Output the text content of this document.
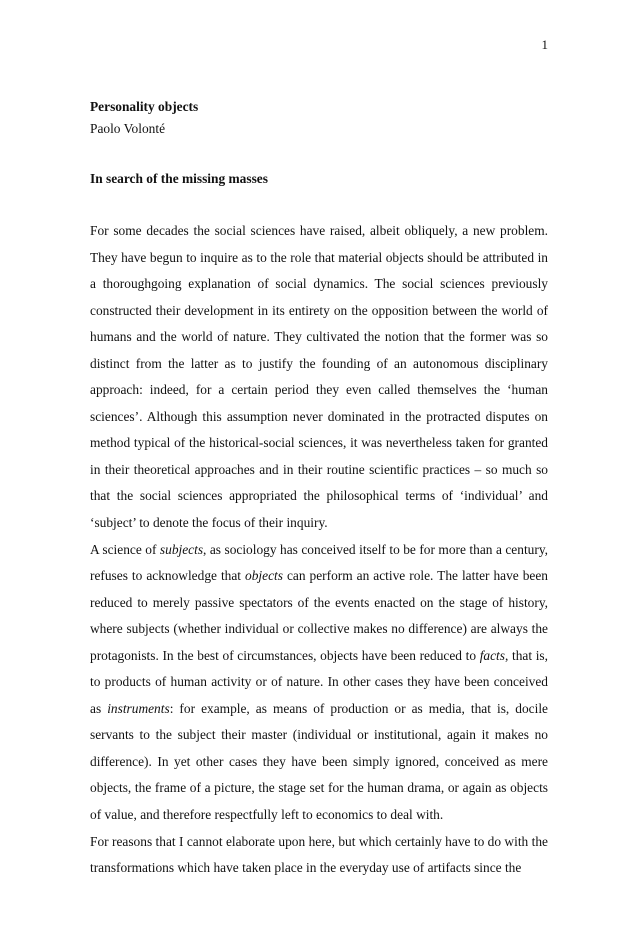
1
Personality objects
Paolo Volonté
In search of the missing masses

For some decades the social sciences have raised, albeit obliquely, a new problem. They have begun to inquire as to the role that material objects should be attributed in a thoroughgoing explanation of social dynamics. The social sciences previously constructed their development in its entirety on the opposition between the world of humans and the world of nature. They cultivated the notion that the former was so distinct from the latter as to justify the founding of an autonomous disciplinary approach: indeed, for a certain period they even called themselves the ‘human sciences’. Although this assumption never dominated in the protracted disputes on method typical of the historical-social sciences, it was nevertheless taken for granted in their theoretical approaches and in their routine scientific practices – so much so that the social sciences appropriated the philosophical terms of ‘individual’ and ‘subject’ to denote the focus of their inquiry.

A science of subjects, as sociology has conceived itself to be for more than a century, refuses to acknowledge that objects can perform an active role. The latter have been reduced to merely passive spectators of the events enacted on the stage of history, where subjects (whether individual or collective makes no difference) are always the protagonists. In the best of circumstances, objects have been reduced to facts, that is, to products of human activity or of nature. In other cases they have been conceived as instruments: for example, as means of production or as media, that is, docile servants to the subject their master (individual or institutional, again it makes no difference). In yet other cases they have been simply ignored, conceived as mere objects, the frame of a picture, the stage set for the human drama, or again as objects of value, and therefore respectfully left to economics to deal with.

For reasons that I cannot elaborate upon here, but which certainly have to do with the transformations which have taken place in the everyday use of artifacts since the
